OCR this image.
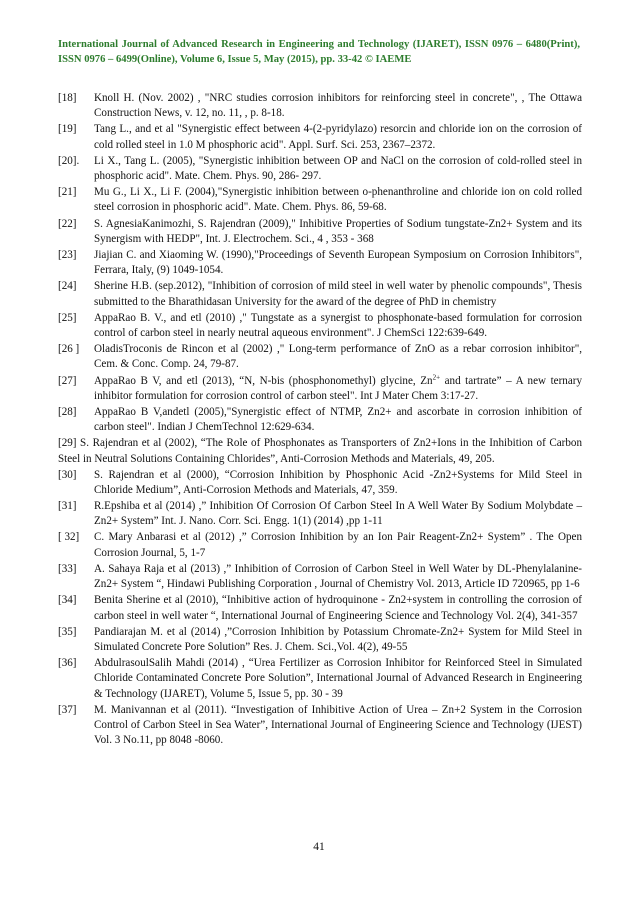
International Journal of Advanced Research in Engineering and Technology (IJARET), ISSN 0976 – 6480(Print), ISSN 0976 – 6499(Online), Volume 6, Issue 5, May (2015), pp. 33-42 © IAEME
[18] Knoll H. (Nov. 2002) , "NRC studies corrosion inhibitors for reinforcing steel in concrete", , The Ottawa Construction News, v. 12, no. 11, , p. 8-18.
[19] Tang L., and et al "Synergistic effect between 4-(2-pyridylazo) resorcin and chloride ion on the corrosion of cold rolled steel in 1.0 M phosphoric acid". Appl. Surf. Sci. 253, 2367–2372.
[20]. Li X., Tang L. (2005), "Synergistic inhibition between OP and NaCl on the corrosion of cold-rolled steel in phosphoric acid". Mate. Chem. Phys. 90, 286- 297.
[21] Mu G., Li X., Li F. (2004),"Synergistic inhibition between o-phenanthroline and chloride ion on cold rolled steel corrosion in phosphoric acid". Mate. Chem. Phys. 86, 59-68.
[22] S. AgnesiaKanimozhi, S. Rajendran (2009)," Inhibitive Properties of Sodium tungstate-Zn2+ System and its Synergism with HEDP", Int. J. Electrochem. Sci., 4 , 353 - 368
[23] Jiajian C. and Xiaoming W. (1990),"Proceedings of Seventh European Symposium on Corrosion Inhibitors", Ferrara, Italy, (9) 1049-1054.
[24] Sherine H.B. (sep.2012), "Inhibition of corrosion of mild steel in well water by phenolic compounds", Thesis submitted to the Bharathidasan University for the award of the degree of PhD in chemistry
[25] AppaRao B. V., and etl (2010) ," Tungstate as a synergist to phosphonate-based formulation for corrosion control of carbon steel in nearly neutral aqueous environment". J ChemSci 122:639-649.
[26 ] OladisTroconis de Rincon et al (2002) ," Long-term performance of ZnO as a rebar corrosion inhibitor", Cem. & Conc. Comp. 24, 79-87.
[27] AppaRao B V, and etl (2013), “N, N-bis (phosphonomethyl) glycine, $Zn^{2+}$ and tartrate” – A new ternary inhibitor formulation for corrosion control of carbon steel". Int J Mater Chem 3:17-27.
[28] AppaRao B V,andetl (2005),"Synergistic effect of NTMP, Zn2+ and ascorbate in corrosion inhibition of carbon steel". Indian J ChemTechnol 12:629-634.
[29] S. Rajendran et al (2002), “The Role of Phosphonates as Transporters of Zn2+Ions in the Inhibition of Carbon Steel in Neutral Solutions Containing Chlorides”, Anti-Corrosion Methods and Materials, 49, 205.
[30] S. Rajendran et al (2000), “Corrosion Inhibition by Phosphonic Acid -Zn2+Systems for Mild Steel in Chloride Medium”, Anti-Corrosion Methods and Materials, 47, 359.
[31] R.Epshiba et al (2014) ,” Inhibition Of Corrosion Of Carbon Steel In A Well Water By Sodium Molybdate – Zn2+ System” Int. J. Nano. Corr. Sci. Engg. 1(1) (2014) ,pp 1-11
[ 32] C. Mary Anbarasi et al (2012) ,” Corrosion Inhibition by an Ion Pair Reagent-Zn2+ System” . The Open Corrosion Journal, 5, 1-7
[33] A. Sahaya Raja et al (2013) ,” Inhibition of Corrosion of Carbon Steel in Well Water by DL-Phenylalanine-Zn2+ System “, Hindawi Publishing Corporation , Journal of Chemistry Vol. 2013, Article ID 720965, pp 1-6
[34] Benita Sherine et al (2010), “Inhibitive action of hydroquinone - Zn2+system in controlling the corrosion of carbon steel in well water “, International Journal of Engineering Science and Technology Vol. 2(4), 341-357
[35] Pandiarajan M. et al (2014) ,”Corrosion Inhibition by Potassium Chromate-Zn2+ System for Mild Steel in Simulated Concrete Pore Solution” Res. J. Chem. Sci.,Vol. 4(2), 49-55
[36] AbdulrasoulSalih Mahdi (2014) , “Urea Fertilizer as Corrosion Inhibitor for Reinforced Steel in Simulated Chloride Contaminated Concrete Pore Solution”, International Journal of Advanced Research in Engineering & Technology (IJARET), Volume 5, Issue 5, pp. 30 - 39
[37] M. Manivannan et al (2011). “Investigation of Inhibitive Action of Urea – Zn+2 System in the Corrosion Control of Carbon Steel in Sea Water”, International Journal of Engineering Science and Technology (IJEST) Vol. 3 No.11, pp 8048 -8060.
41
